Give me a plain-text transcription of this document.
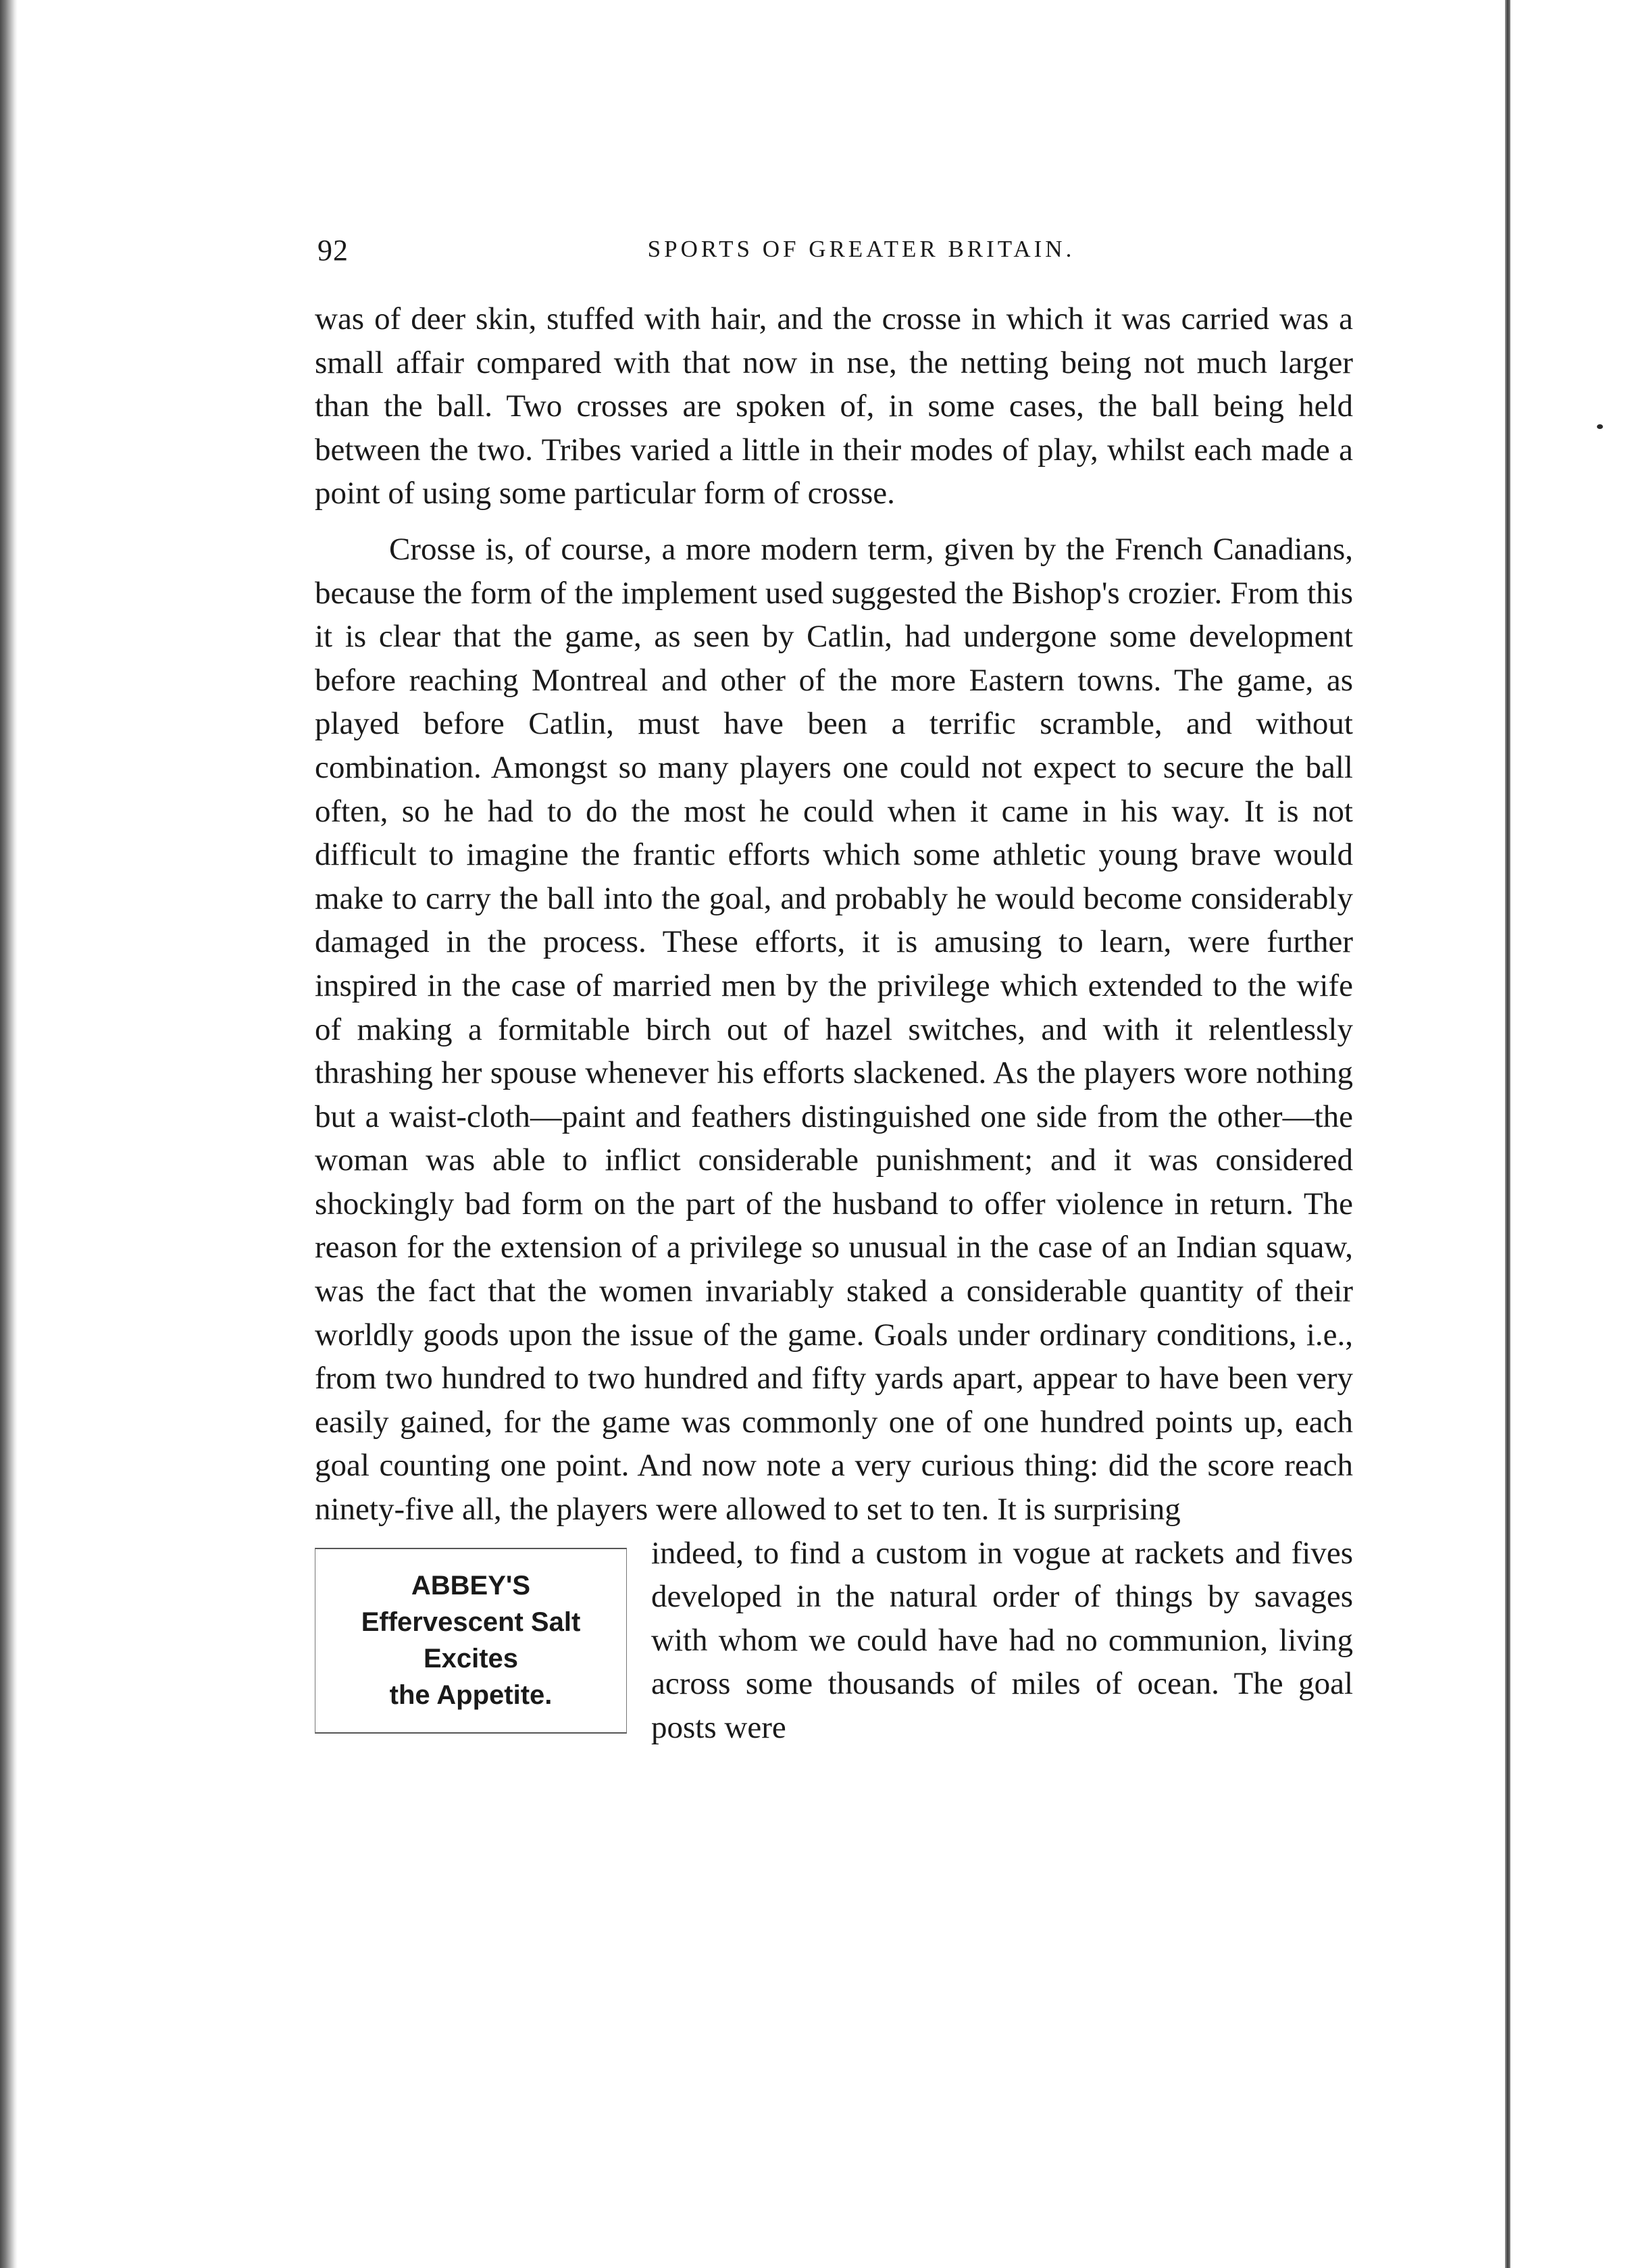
92	SPORTS OF GREATER BRITAIN.

was of deer skin, stuffed with hair, and the crosse in which it was carried was a small affair compared with that now in nse, the netting being not much larger than the ball. Two crosses are spoken of, in some cases, the ball being held between the two. Tribes varied a little in their modes of play, whilst each made a point of using some particular form of crosse.

Crosse is, of course, a more modern term, given by the French Canadians, because the form of the implement used suggested the Bishop's crozier. From this it is clear that the game, as seen by Catlin, had undergone some development before reaching Montreal and other of the more Eastern towns. The game, as played before Catlin, must have been a terrific scramble, and without combination. Amongst so many players one could not expect to secure the ball often, so he had to do the most he could when it came in his way. It is not difficult to imagine the frantic efforts which some athletic young brave would make to carry the ball into the goal, and probably he would become considerably damaged in the process. These efforts, it is amusing to learn, were further inspired in the case of married men by the privilege which extended to the wife of making a formitable birch out of hazel switches, and with it relentlessly thrashing her spouse whenever his efforts slackened. As the players wore nothing but a waist-cloth—paint and feathers distinguished one side from the other—the woman was able to inflict considerable punishment; and it was considered shockingly bad form on the part of the husband to offer violence in return. The reason for the extension of a privilege so unusual in the case of an Indian squaw, was the fact that the women invariably staked a considerable quantity of their worldly goods upon the issue of the game. Goals under ordinary conditions, i.e., from two hundred to two hundred and fifty yards apart, appear to have been very easily gained, for the game was commonly one of one hundred points up, each goal counting one point. And now note a very curious thing: did the score reach ninety-five all, the players were allowed to set to ten. It is surprising

ABBEY'S
Effervescent Salt
Excites
the Appetite.

indeed, to find a custom in vogue at rackets and fives developed in the natural order of things by savages with whom we could have had no communion, living across some thousands of miles of ocean. The goal posts were
